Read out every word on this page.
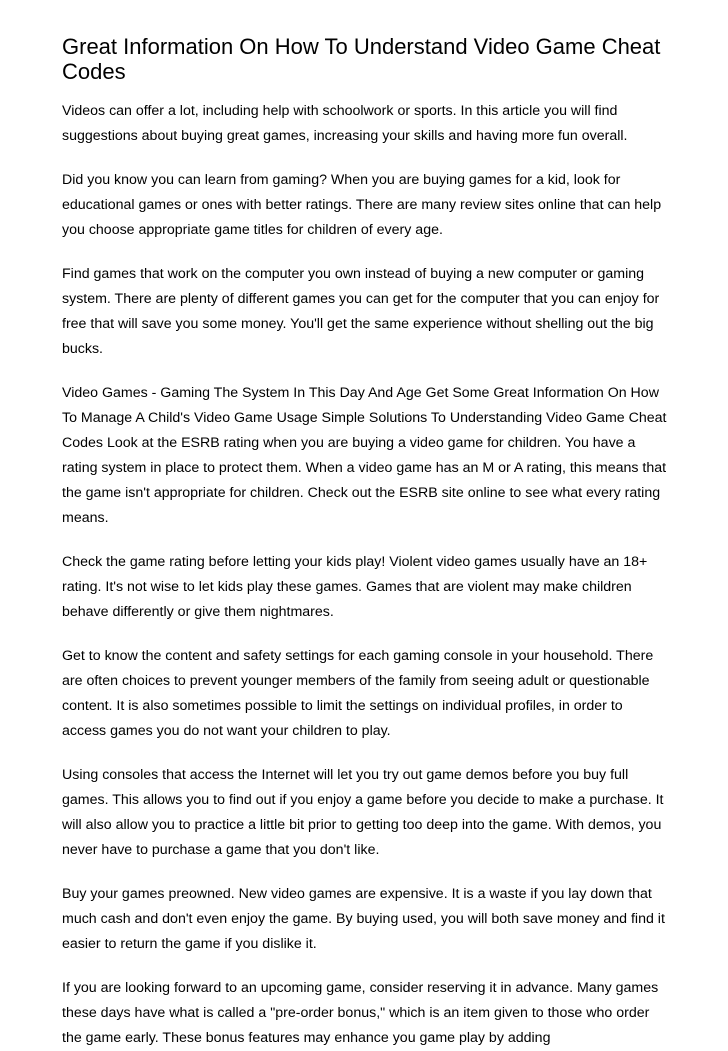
Great Information On How To Understand Video Game Cheat Codes

Videos can offer a lot, including help with schoolwork or sports. In this article you will find suggestions about buying great games, increasing your skills and having more fun overall.

Did you know you can learn from gaming? When you are buying games for a kid, look for educational games or ones with better ratings. There are many review sites online that can help you choose appropriate game titles for children of every age.

Find games that work on the computer you own instead of buying a new computer or gaming system. There are plenty of different games you can get for the computer that you can enjoy for free that will save you some money. You'll get the same experience without shelling out the big bucks.

Video Games - Gaming The System In This Day And Age Get Some Great Information On How To Manage A Child's Video Game Usage Simple Solutions To Understanding Video Game Cheat Codes Look at the ESRB rating when you are buying a video game for children. You have a rating system in place to protect them. When a video game has an M or A rating, this means that the game isn't appropriate for children. Check out the ESRB site online to see what every rating means.

Check the game rating before letting your kids play! Violent video games usually have an 18+ rating. It's not wise to let kids play these games. Games that are violent may make children behave differently or give them nightmares.

Get to know the content and safety settings for each gaming console in your household. There are often choices to prevent younger members of the family from seeing adult or questionable content. It is also sometimes possible to limit the settings on individual profiles, in order to access games you do not want your children to play.

Using consoles that access the Internet will let you try out game demos before you buy full games. This allows you to find out if you enjoy a game before you decide to make a purchase. It will also allow you to practice a little bit prior to getting too deep into the game. With demos, you never have to purchase a game that you don't like.

Buy your games preowned. New video games are expensive. It is a waste if you lay down that much cash and don't even enjoy the game. By buying used, you will both save money and find it easier to return the game if you dislike it.

If you are looking forward to an upcoming game, consider reserving it in advance. Many games these days have what is called a "pre-order bonus," which is an item given to those who order the game early. These bonus features may enhance you game play by adding
